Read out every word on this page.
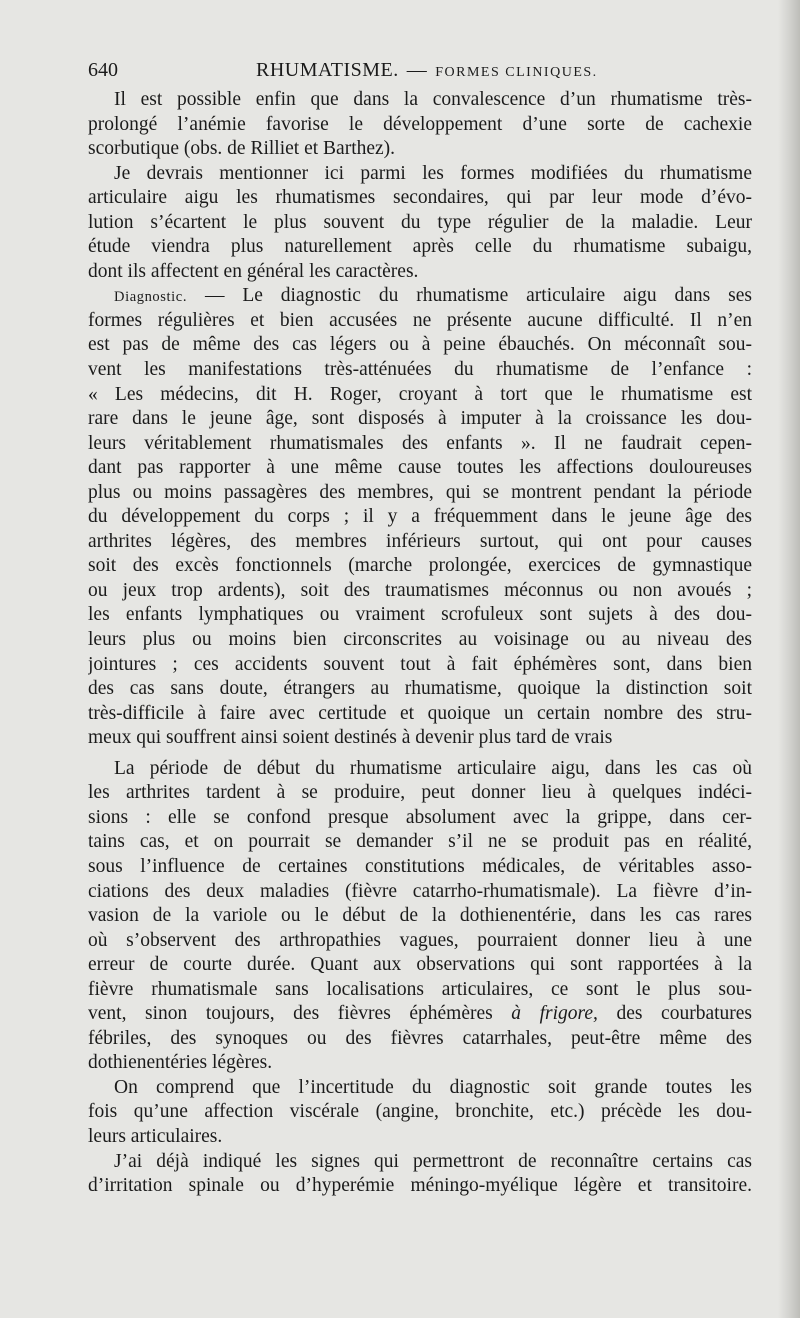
640	RHUMATISME. — FORMES CLINIQUES.
Il est possible enfin que dans la convalescence d’un rhumatisme très-
prolongé l’anémie favorise le développement d’une sorte de cachexie
scorbutique (obs. de Rilliet et Barthez).
Je devrais mentionner ici parmi les formes modifiées du rhumatisme
articulaire aigu les rhumatismes secondaires, qui par leur mode d’évo-
lution s’écartent le plus souvent du type régulier de la maladie. Leur
étude viendra plus naturellement après celle du rhumatisme subaigu,
dont ils affectent en général les caractères.
Diagnostic. — Le diagnostic du rhumatisme articulaire aigu dans ses
formes régulières et bien accusées ne présente aucune difficulté. Il n’en
est pas de même des cas légers ou à peine ébauchés. On méconnaît sou-
vent les manifestations très-atténuées du rhumatisme de l’enfance :
« Les médecins, dit H. Roger, croyant à tort que le rhumatisme est
rare dans le jeune âge, sont disposés à imputer à la croissance les dou-
leurs véritablement rhumatismales des enfants ». Il ne faudrait cepen-
dant pas rapporter à une même cause toutes les affections douloureuses
plus ou moins passagères des membres, qui se montrent pendant la période
du développement du corps ; il y a fréquemment dans le jeune âge des
arthrites légères, des membres inférieurs surtout, qui ont pour causes
soit des excès fonctionnels (marche prolongée, exercices de gymnastique
ou jeux trop ardents), soit des traumatismes méconnus ou non avoués ;
les enfants lymphatiques ou vraiment scrofuleux sont sujets à des dou-
leurs plus ou moins bien circonscrites au voisinage ou au niveau des
jointures ; ces accidents souvent tout à fait éphémères sont, dans bien
des cas sans doute, étrangers au rhumatisme, quoique la distinction soit
très-difficile à faire avec certitude et quoique un certain nombre des stru-
meux qui souffrent ainsi soient destinés à devenir plus tard de vrais
La période de début du rhumatisme articulaire aigu, dans les cas où
les arthrites tardent à se produire, peut donner lieu à quelques indéci-
sions : elle se confond presque absolument avec la grippe, dans cer-
tains cas, et on pourrait se demander s’il ne se produit pas en réalité,
sous l’influence de certaines constitutions médicales, de véritables asso-
ciations des deux maladies (fièvre catarrho-rhumatismale). La fièvre d’in-
vasion de la variole ou le début de la dothienentérie, dans les cas rares
où s’observent des arthropathies vagues, pourraient donner lieu à une
erreur de courte durée. Quant aux observations qui sont rapportées à la
fièvre rhumatismale sans localisations articulaires, ce sont le plus sou-
vent, sinon toujours, des fièvres éphémères à frigore, des courbatures
fébriles, des synoques ou des fièvres catarrhales, peut-être même des
dothienentéries légères.
On comprend que l’incertitude du diagnostic soit grande toutes les
fois qu’une affection viscérale (angine, bronchite, etc.) précède les dou-
leurs articulaires.
J’ai déjà indiqué les signes qui permettront de reconnaître certains cas
d’irritation spinale ou d’hyperémie méningo-myélique légère et transitoire.
